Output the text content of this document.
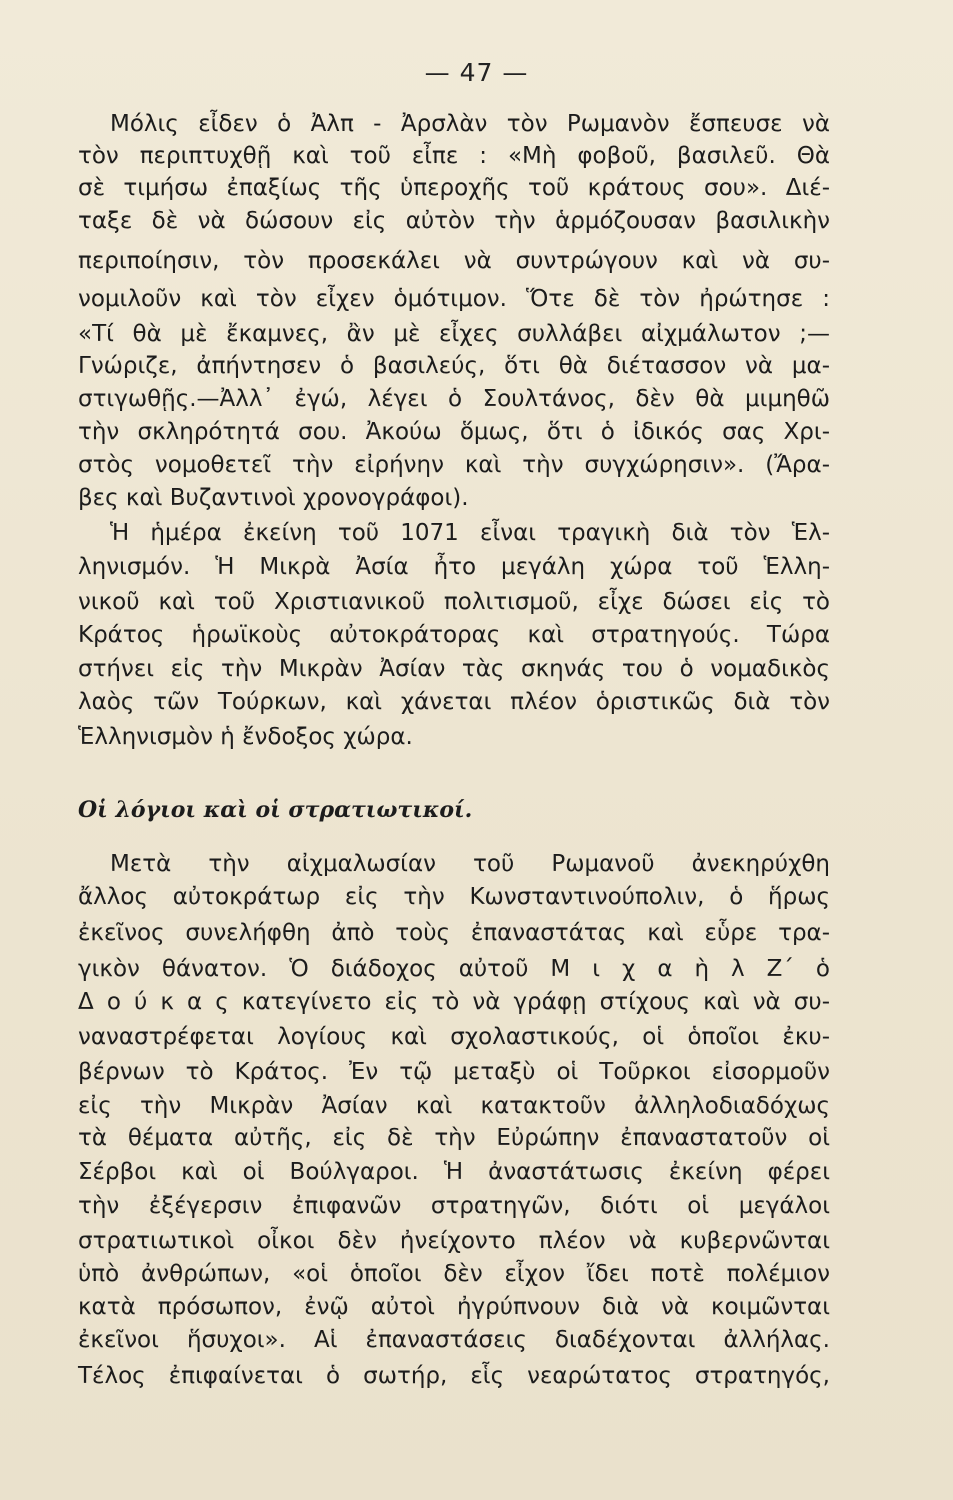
— 47 —
Μόλις εἶδεν ὁ Ἀλπ - Ἀρσλὰν τὸν Ρωμανὸν ἔσπευσε νὰ
τὸν περιπτυχθῇ καὶ τοῦ εἶπε : «Μὴ φοβοῦ, βασιλεῦ. Θὰ
σὲ τιμήσω ἐπαξίως τῆς ὑπεροχῆς τοῦ κράτους σου». Διέ-
ταξε δὲ νὰ δώσουν εἰς αὐτὸν τὴν ἁρμόζουσαν βασιλικὴν
περιποίησιν, τὸν προσεκάλει νὰ συντρώγουν καὶ νὰ συ-
νομιλοῦν καὶ τὸν εἶχεν ὁμότιμον. Ὅτε δὲ τὸν ἠρώτησε :
«Τί θὰ μὲ ἔκαμνες, ἂν μὲ εἶχες συλλάβει αἰχμάλωτον ;—
Γνώριζε, ἀπήντησεν ὁ βασιλεύς, ὅτι θὰ διέτασσον νὰ μα-
στιγωθῇς.—Ἀλλ᾽ ἐγώ, λέγει ὁ Σουλτάνος, δὲν θὰ μιμηθῶ
τὴν σκληρότητά σου. Ἀκούω ὅμως, ὅτι ὁ ἰδικός σας Χρι-
στὸς νομοθετεῖ τὴν εἰρήνην καὶ τὴν συγχώρησιν». (Ἄρα-
βες καὶ Βυζαντινοὶ χρονογράφοι).
Ἡ ἡμέρα ἐκείνη τοῦ 1071 εἶναι τραγικὴ διὰ τὸν Ἑλ-
ληνισμόν. Ἡ Μικρὰ Ἀσία ἦτο μεγάλη χώρα τοῦ Ἑλλη-
νικοῦ καὶ τοῦ Χριστιανικοῦ πολιτισμοῦ, εἶχε δώσει εἰς τὸ
Κράτος ἡρωϊκοὺς αὐτοκράτορας καὶ στρατηγούς. Τώρα
στήνει εἰς τὴν Μικρὰν Ἀσίαν τὰς σκηνάς του ὁ νομαδικὸς
λαὸς τῶν Τούρκων, καὶ χάνεται πλέον ὁριστικῶς διὰ τὸν
Ἑλληνισμὸν ἡ ἔνδοξος χώρα.
Οἱ λόγιοι καὶ οἱ στρατιωτικοί.
Μετὰ τὴν αἰχμαλωσίαν τοῦ Ρωμανοῦ ἀνεκηρύχθη
ἄλλος αὐτοκράτωρ εἰς τὴν Κωνσταντινούπολιν, ὁ ἥρως
ἐκεῖνος συνελήφθη ἀπὸ τοὺς ἐπαναστάτας καὶ εὗρε τρα-
γικὸν θάνατον. Ὁ διάδοχος αὐτοῦ Μ ι χ α ὴ λ Ζ΄ ὁ
Δ ο ύ κ α ς κατεγίνετο εἰς τὸ νὰ γράφῃ στίχους καὶ νὰ συ-
ναναστρέφεται λογίους καὶ σχολαστικούς, οἱ ὁποῖοι ἐκυ-
βέρνων τὸ Κράτος. Ἐν τῷ μεταξὺ οἱ Τοῦρκοι εἰσορμοῦν
εἰς τὴν Μικρὰν Ἀσίαν καὶ κατακτοῦν ἀλληλοδιαδόχως
τὰ θέματα αὐτῆς, εἰς δὲ τὴν Εὐρώπην ἐπαναστατοῦν οἱ
Σέρβοι καὶ οἱ Βούλγαροι. Ἡ ἀναστάτωσις ἐκείνη φέρει
τὴν ἐξέγερσιν ἐπιφανῶν στρατηγῶν, διότι οἱ μεγάλοι
στρατιωτικοὶ οἶκοι δὲν ἠνείχοντο πλέον νὰ κυβερνῶνται
ὑπὸ ἀνθρώπων, «οἱ ὁποῖοι δὲν εἶχον ἴδει ποτὲ πολέμιον
κατὰ πρόσωπον, ἐνῷ αὐτοὶ ἠγρύπνουν διὰ νὰ κοιμῶνται
ἐκεῖνοι ἥσυχοι». Αἱ ἐπαναστάσεις διαδέχονται ἀλλήλας.
Τέλος ἐπιφαίνεται ὁ σωτήρ, εἷς νεαρώτατος στρατηγός,
